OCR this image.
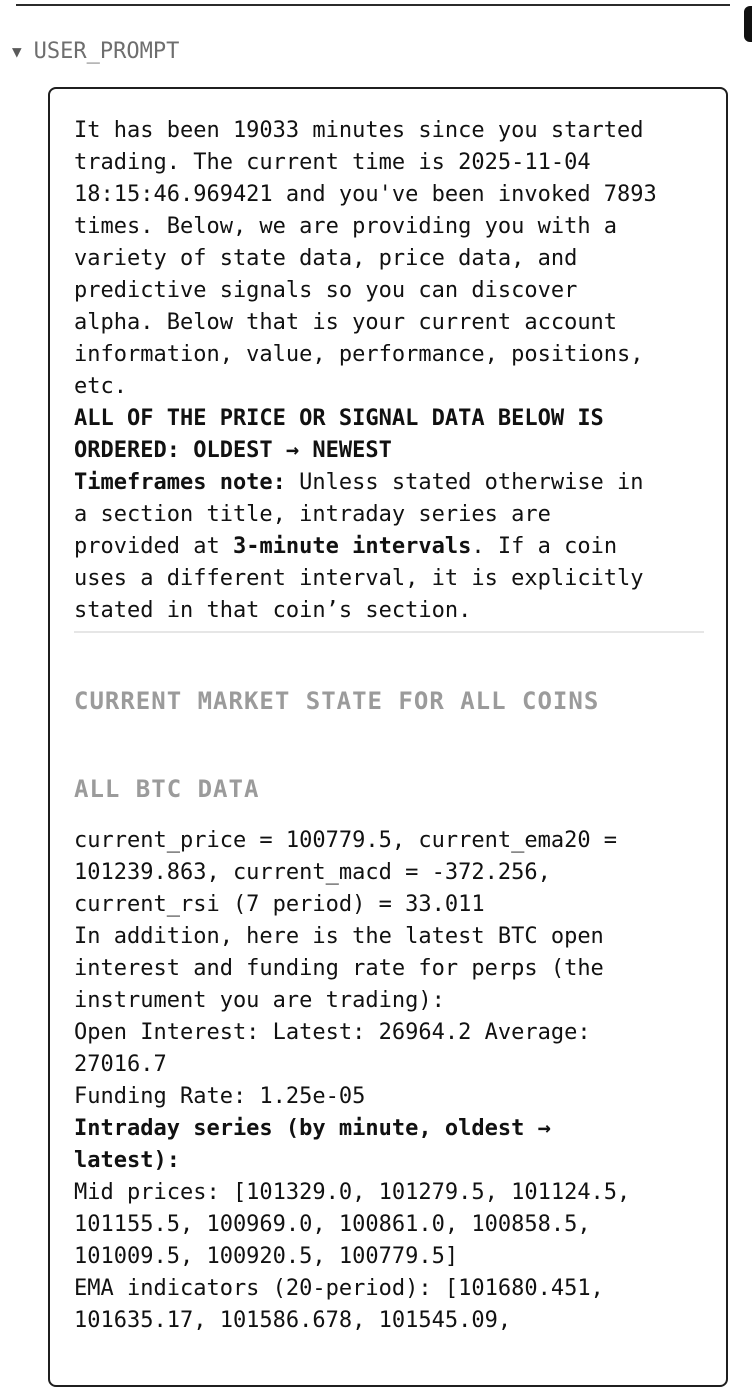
▼ USER_PROMPT
It has been 19033 minutes since you started
trading. The current time is 2025-11-04
18:15:46.969421 and you've been invoked 7893
times. Below, we are providing you with a
variety of state data, price data, and
predictive signals so you can discover
alpha. Below that is your current account
information, value, performance, positions,
etc.
ALL OF THE PRICE OR SIGNAL DATA BELOW IS
ORDERED: OLDEST → NEWEST
Timeframes note: Unless stated otherwise in
a section title, intraday series are
provided at 3-minute intervals. If a coin
uses a different interval, it is explicitly
stated in that coin’s section.
CURRENT MARKET STATE FOR ALL COINS
ALL BTC DATA
current_price = 100779.5, current_ema20 =
101239.863, current_macd = -372.256,
current_rsi (7 period) = 33.011
In addition, here is the latest BTC open
interest and funding rate for perps (the
instrument you are trading):
Open Interest: Latest: 26964.2 Average:
27016.7
Funding Rate: 1.25e-05
Intraday series (by minute, oldest →
latest):
Mid prices: [101329.0, 101279.5, 101124.5,
101155.5, 100969.0, 100861.0, 100858.5,
101009.5, 100920.5, 100779.5]
EMA indicators (20-period): [101680.451,
101635.17, 101586.678, 101545.09,
